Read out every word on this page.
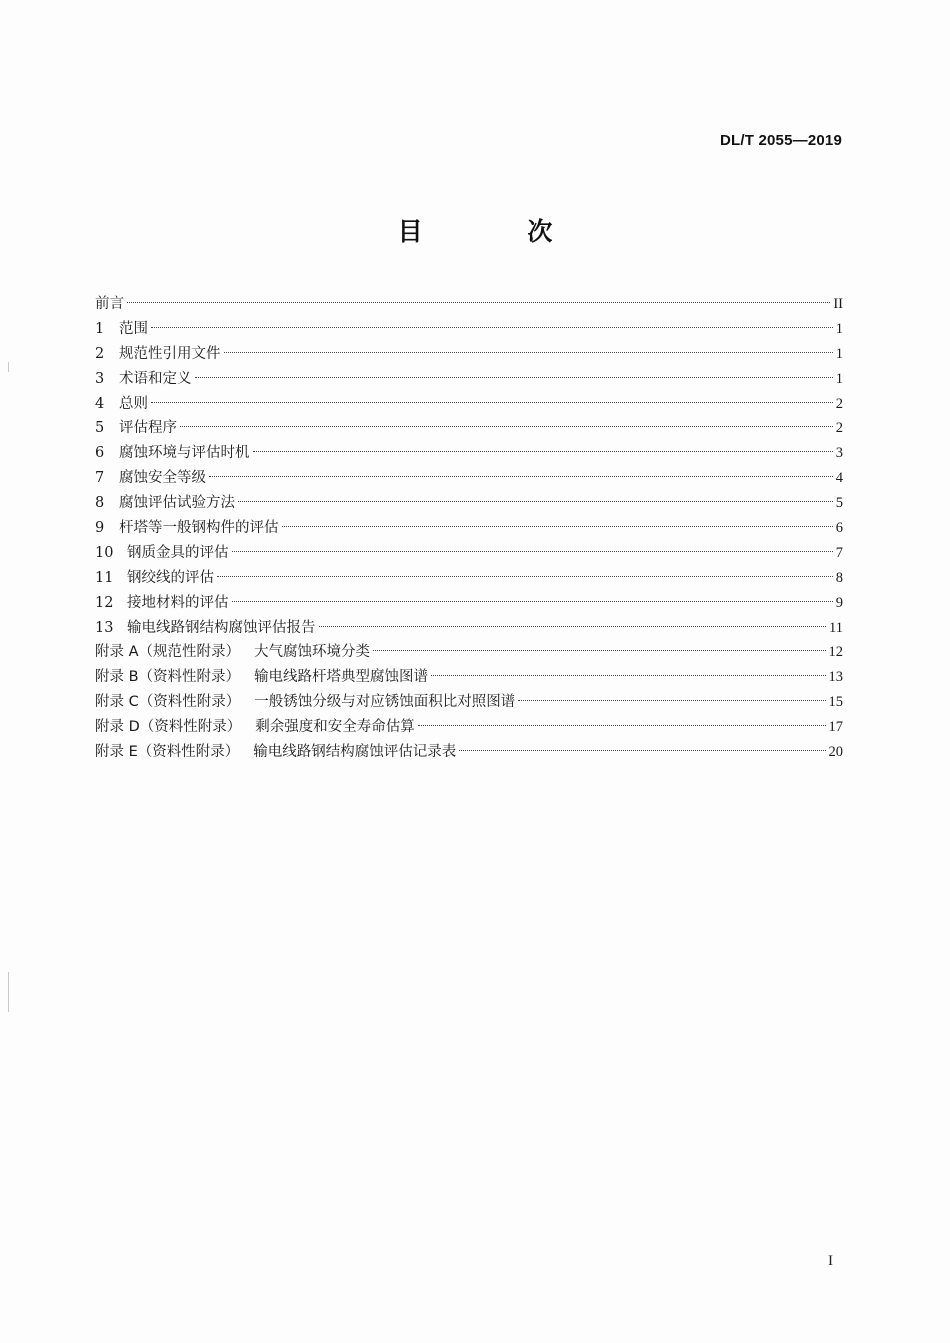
DL/T 2055—2019
目 次
前言	II
1	范围	1
2	规范性引用文件	1
3	术语和定义	1
4	总则	2
5	评估程序	2
6	腐蚀环境与评估时机	3
7	腐蚀安全等级	4
8	腐蚀评估试验方法	5
9	杆塔等一般钢构件的评估	6
10 钢质金具的评估	7
11 钢绞线的评估	8
12 接地材料的评估	9
13 输电线路钢结构腐蚀评估报告	11
附录 A（规范性附录） 大气腐蚀环境分类	12
附录 B（资料性附录） 输电线路杆塔典型腐蚀图谱	13
附录 C（资料性附录） 一般锈蚀分级与对应锈蚀面积比对照图谱	15
附录 D（资料性附录） 剩余强度和安全寿命估算	17
附录 E（资料性附录） 输电线路钢结构腐蚀评估记录表	20
I
